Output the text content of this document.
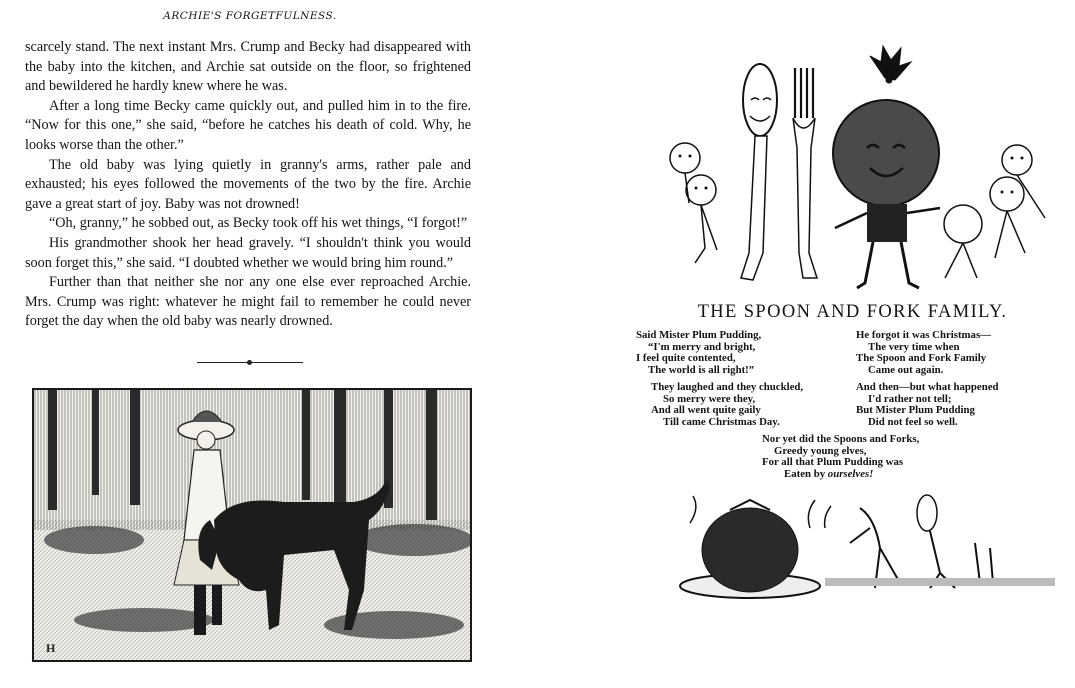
ARCHIE'S FORGETFULNESS.

scarcely stand. The next instant Mrs. Crump and Becky had disappeared with the baby into the kitchen, and Archie sat outside on the floor, so frightened and bewildered he hardly knew where he was.

After a long time Becky came quickly out, and pulled him in to the fire. “Now for this one,” she said, “before he catches his death of cold. Why, he looks worse than the other.”

The old baby was lying quietly in granny's arms, rather pale and exhausted; his eyes followed the movements of the two by the fire. Archie gave a great start of joy. Baby was not drowned!

“Oh, granny,” he sobbed out, as Becky took off his wet things, “I forgot!”

His grandmother shook her head gravely. “I shouldn't think you would soon forget this,” she said. “I doubted whether we would bring him round.”

Further than that neither she nor any one else ever reproached Archie. Mrs. Crump was right: whatever he might fail to remember he could never forget the day when the old baby was nearly drowned.

H
THE SPOON AND FORK FAMILY.
Said Mister Plum Pudding,
“I'm merry and bright,
I feel quite contented,
The world is all right!”
They laughed and they chuckled,
So merry were they,
And all went quite gaily
Till came Christmas Day.
He forgot it was Christmas—
The very time when
The Spoon and Fork Family
Came out again.
And then—but what happened
I'd rather not tell;
But Mister Plum Pudding
Did not feel so well.
Nor yet did the Spoons and Forks,
Greedy young elves,
For all that Plum Pudding was
Eaten by ourselves!
